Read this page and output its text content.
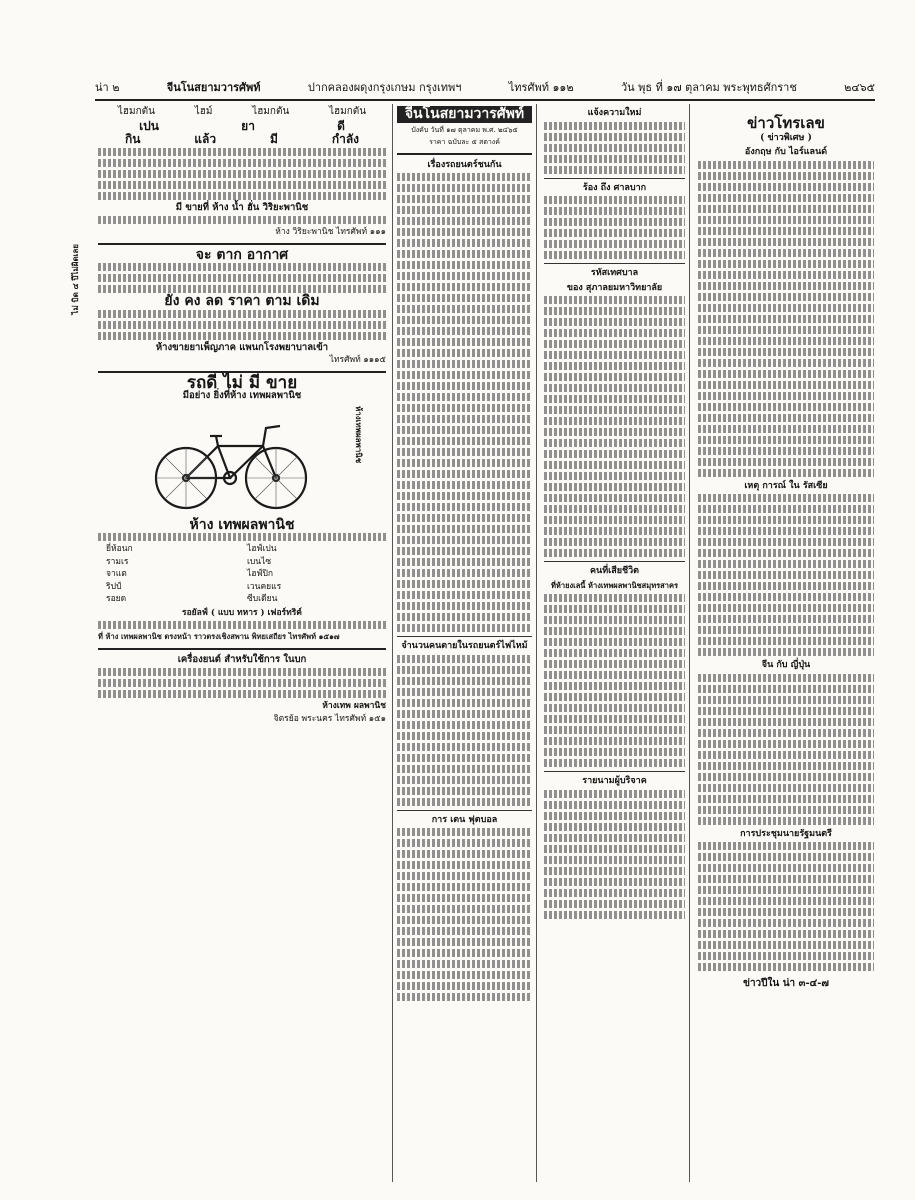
น่า ๒	จีนโนสยามวารศัพท์	ปากคลองผดุงกรุงเกษม กรุงเทพฯ	ไทรศัพท์ ๑๑๒	วัน พุธ ที่ ๑๗ ตุลาคม พระพุทธศักราช	๒๔๖๕
ไฮมกตัน	ไฮม์	ไฮมกตัน	ไฮมกตัน
เปน	ยา	ดี
กิน	แล้ว	มี	กำลัง
มี ขายที่ ห้าง น้ำ ฮั่น วิริยะพานิช
ห้าง วิริยะพานิช ไทรศัพท์ ๑๑๑
จะ ตาก อากาศ
ยัง คง ลด ราคา ตาม เดิม
ห้างขายยาเพ็ญภาค แพนกโรงพยาบาลเข้า
ไทรศัพท์ ๑๑๑๕
รถดี ไม่ มี ขาย
มีอย่าง ยิ่งที่ห้าง เทพผลพานิช
ห้างเทพผลพานิช
ห้าง เทพผลพานิช
ยี่ห้อนก	ไฮฟ์เปน
รามเร	เบนไซ
จาแต	ไฮฟ์ปิก
ริปป์	เวนคยแร
รอยด	ซีบเดียน
รอยัลฟ์ ( แบบ ทหาร ) เฟอร์ทริค์
ที่ ห้าง เทพผลพานิช ตรงหน้า ราวตรงเชิงสพาน พิทยเสถียร ไทรศัพท์ ๑๕๑๗
เครื่องยนต์ สำหรับใช้การ ในบก
ห้างเทพ ผลพานิช
จิตรย้อ พระนคร ไทรศัพท์ ๑๕๑
ไม่ บิด ๔ ปีไม่ผิดเลย
จีนโนสยามวารศัพท์
บังคับ วันที่ ๑๗ ตุลาคม พ.ศ. ๒๔๖๕
ราคา ฉบับละ ๕ สตางค์
เรื่องรถยนตร์ชนกัน
จำนวนคนตายในรถยนตร์ไฟไหม้
การ เตน ฟุตบอล
แจ้งความใหม่
ร้อง ถึง ศาลบาก
รหัสเทศบาล
ของ สุภาลยมหาวิทยาลัย
คนที่เสียชีวิต
ที่ห้ายงเลนี้ ห้างเทพผลพานิชสมุทรสาคร
รายนามผู้บริจาค
ข่าวโทรเลข
( ข่าวพิเศษ )
อังกฤษ กับ ไอร์แลนด์
เหตุ การณ์ ใน รัสเซีย
จีน กับ ญี่ปุ่น
การประชุมนายรัฐมนตรี
ข่าวปีใน น่า ๓-๔-๗
